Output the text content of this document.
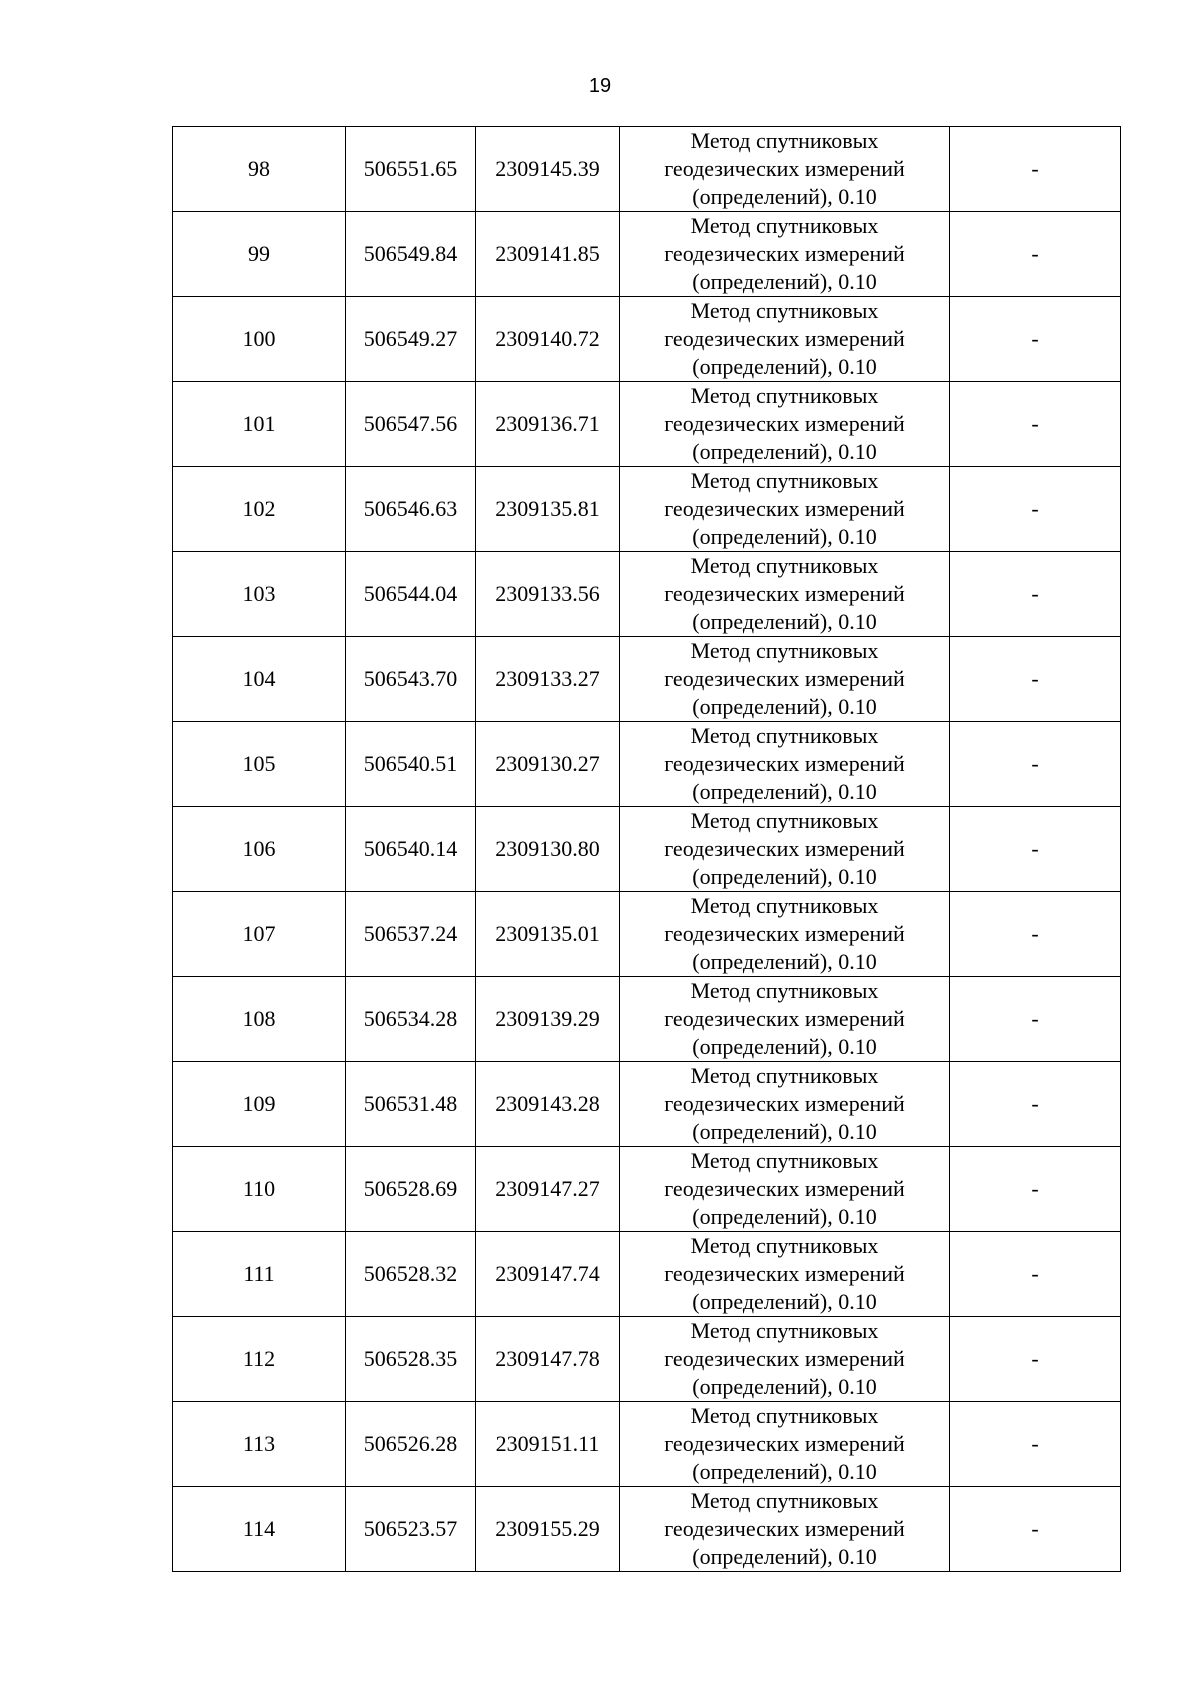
19
98	506551.65	2309145.39	Метод спутниковых
геодезических измерений
(определений), 0.10	-
99	506549.84	2309141.85	Метод спутниковых
геодезических измерений
(определений), 0.10	-
100	506549.27	2309140.72	Метод спутниковых
геодезических измерений
(определений), 0.10	-
101	506547.56	2309136.71	Метод спутниковых
геодезических измерений
(определений), 0.10	-
102	506546.63	2309135.81	Метод спутниковых
геодезических измерений
(определений), 0.10	-
103	506544.04	2309133.56	Метод спутниковых
геодезических измерений
(определений), 0.10	-
104	506543.70	2309133.27	Метод спутниковых
геодезических измерений
(определений), 0.10	-
105	506540.51	2309130.27	Метод спутниковых
геодезических измерений
(определений), 0.10	-
106	506540.14	2309130.80	Метод спутниковых
геодезических измерений
(определений), 0.10	-
107	506537.24	2309135.01	Метод спутниковых
геодезических измерений
(определений), 0.10	-
108	506534.28	2309139.29	Метод спутниковых
геодезических измерений
(определений), 0.10	-
109	506531.48	2309143.28	Метод спутниковых
геодезических измерений
(определений), 0.10	-
110	506528.69	2309147.27	Метод спутниковых
геодезических измерений
(определений), 0.10	-
111	506528.32	2309147.74	Метод спутниковых
геодезических измерений
(определений), 0.10	-
112	506528.35	2309147.78	Метод спутниковых
геодезических измерений
(определений), 0.10	-
113	506526.28	2309151.11	Метод спутниковых
геодезических измерений
(определений), 0.10	-
114	506523.57	2309155.29	Метод спутниковых
геодезических измерений
(определений), 0.10	-
